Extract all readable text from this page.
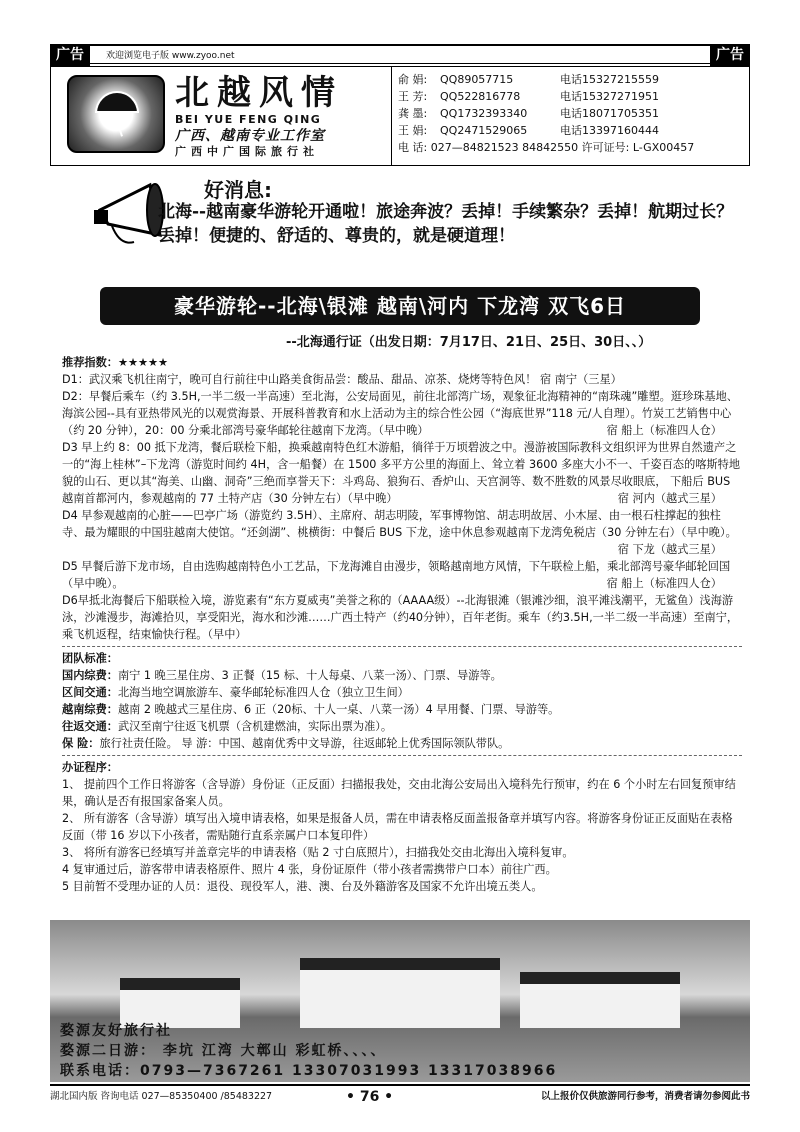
广告	欢迎浏览电子版 www.zyoo.net	广告
北越风情
BEI YUE FENG QING
广西、越南专业工作室
广西中广国际旅行社
俞 娟: QQ89057715	电话15327215559
王 芳: QQ522816778	电话15327271951
龚 墨: QQ1732393340	电话18071705351
王 娟: QQ2471529065	电话13397160444
电 话: 027—84821523 84842550 许可证号: L-GX00457
好消息:
北海--越南豪华游轮开通啦！旅途奔波？丢掉！手续繁杂？丢掉！航期过长？丢掉！便捷的、舒适的、尊贵的，就是硬道理！
豪华游轮--北海\银滩 越南\河内 下龙湾 双飞6日
--北海通行证（出发日期：7月17日、21日、25日、30日、、）

推荐指数：★★★★★

D1：武汉乘飞机往南宁，晚可自行前往中山路美食街品尝：酸品、甜品、凉茶、烧烤等特色风！ 宿 南宁（三星）

D2：早餐后乘车（约 3.5H,一半二级一半高速）至北海，公安局面见，前往北部湾广场，观象征北海精神的“南珠魂”雕塑。逛珍珠基地、海滨公园--具有亚热带风光的以观赏海景、开展科普教育和水上活动为主的综合性公园（“海底世界”118 元/人自理）。竹炭工艺销售中心（约 20 分钟），20：00 分乘北部湾号豪华邮轮往越南下龙湾。（早中晚）	宿 船上（标准四人仓）

D3 早上约 8：00 抵下龙湾，餐后联检下船，换乘越南特色红木游船，徜徉于万顷碧波之中。漫游被国际教科文组织评为世界自然遗产之一的“海上桂林”–下龙湾（游览时间约 4H，含一船餐）在 1500 多平方公里的海面上、耸立着 3600 多座大小不一、千姿百态的喀斯特地貌的山石、更以其“海美、山幽、洞奇”三绝而享誉天下：斗鸡岛、狼狗石、香炉山、天宫洞等、数不胜数的风景尽收眼底， 下船后 BUS 越南首都河内，参观越南的 77 土特产店（30 分钟左右）（早中晚）	宿 河内（越式三星）

D4 早参观越南的心脏——巴亭广场（游览约 3.5H）、主席府、胡志明陵，军事博物馆、胡志明故居、小木屋、由一根石柱撑起的独柱寺、最为耀眼的中国驻越南大使馆。“还剑湖”、桃横街：中餐后 BUS 下龙，途中休息参观越南下龙湾免税店（30 分钟左右）（早中晚）。
宿 下龙（越式三星）

D5 早餐后游下龙市场，自由选购越南特色小工艺品，下龙海滩自由漫步，领略越南地方风情，下午联检上船，乘北部湾号豪华邮轮回国（早中晚）。	宿 船上（标准四人仓）

D6早抵北海餐后下船联检入境，游览素有“东方夏威夷”美誉之称的（AAAA级）--北海银滩（银滩沙细，浪平滩浅潮平，无鲨鱼）浅海游泳，沙滩漫步，海滩拾贝，享受阳光，海水和沙滩……广西土特产（约40分钟），百年老街。乘车（约3.5H,一半二级一半高速）至南宁，乘飞机返程，结束愉快行程。（早中）

团队标准：

国内综费：南宁 1 晚三星住房、3 正餐（15 标、十人每桌、八菜一汤）、门票、导游等。

区间交通：北海当地空调旅游车、豪华邮轮标准四人仓（独立卫生间）

越南综费：越南 2 晚越式三星住房、6 正（20标、十人一桌、八菜一汤）4 早用餐、门票、导游等。

往返交通：武汉至南宁往返飞机票（含机建燃油，实际出票为准）。

保 险：旅行社责任险。 导 游：中国、越南优秀中文导游，往返邮轮上优秀国际领队带队。

办证程序：

1、 提前四个工作日将游客（含导游）身份证（正反面）扫描报我处，交由北海公安局出入境科先行预审，约在 6 个小时左右回复预审结果，确认是否有报国家备案人员。

2、 所有游客（含导游）填写出入境申请表格，如果是报备人员，需在申请表格反面盖报备章并填写内容。将游客身份证正反面贴在表格反面（带 16 岁以下小孩者，需贴随行直系亲属户口本复印件）

3、 将所有游客已经填写并盖章完毕的申请表格（贴 2 寸白底照片），扫描我处交由北海出入境科复审。

4 复审通过后，游客带申请表格原件、照片 4 张，身份证原件（带小孩者需携带户口本）前往广西。

5 目前暂不受理办证的人员：退役、现役军人，港、澳、台及外籍游客及国家不允许出境五类人。

婺源友好旅行社
婺源二日游： 李坑 江湾 大鄣山 彩虹桥、、、、
联系电话：0793—7367261 13307031993 13317038966
湖北国内版 咨询电话 027—85350400 /85483227	• 76 •	以上报价仅供旅游同行参考，消费者请勿参阅此书
